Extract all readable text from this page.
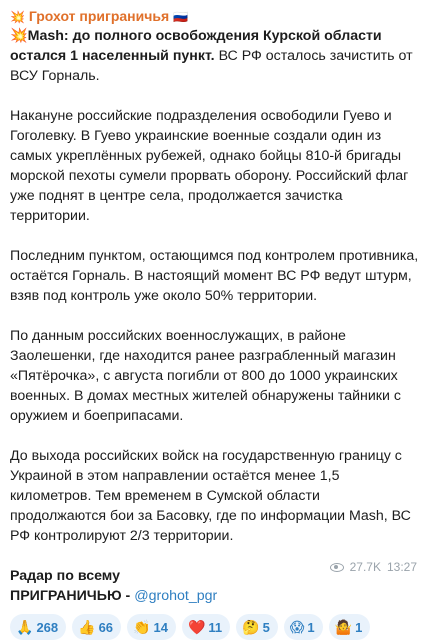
💥 Грохот приграничья 🇷🇺

💥Mash: до полного освобождения Курской области остался 1 населенный пункт. ВС РФ осталось зачистить от ВСУ Горналь.

Накануне российские подразделения освободили Гуево и Гоголевку. В Гуево украинские военные создали один из самых укреплённых рубежей, однако бойцы 810-й бригады морской пехоты сумели прорвать оборону. Российский флаг уже поднят в центре села, продолжается зачистка территории.

Последним пунктом, остающимся под контролем противника, остаётся Горналь. В настоящий момент ВС РФ ведут штурм, взяв под контроль уже около 50% территории.

По данным российских военнослужащих, в районе Заолешенки, где находится ранее разграбленный магазин «Пятёрочка», с августа погибли от 800 до 1000 украинских военных. В домах местных жителей обнаружены тайники с оружием и боеприпасами.

До выхода российских войск на государственную границу с Украиной в этом направлении остаётся менее 1,5 километров. Тем временем в Сумской области продолжаются бои за Басовку, где по информации Mash, ВС РФ контролируют 2/3 территории.

Радар по всему
ПРИГРАНИЧЬЮ - @grohot_pgr

🙏 268 👍 66 👏 14 ❤️ 11 🤔 5 😱 1 🤷 1
27.7K 13:27
